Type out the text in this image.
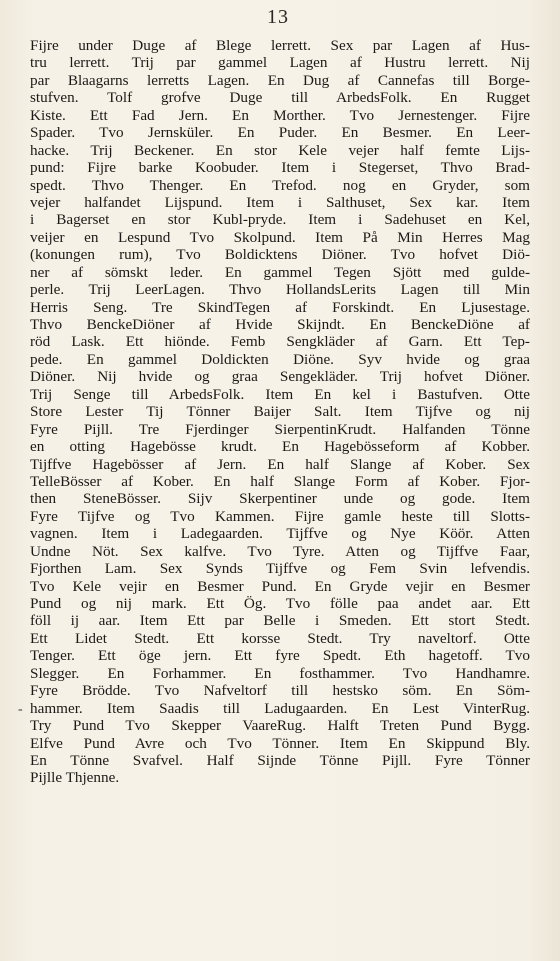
13
-
Fijre under Duge af Blege lerrett. Sex par Lagen af Hus-
tru lerrett. Trij par gammel Lagen af Hustru lerrett. Nij
par Blaagarns lerretts Lagen. En Dug af Cannefas till Borge-
stufven. Tolf grofve Duge till ArbedsFolk. En Rugget
Kiste. Ett Fad Jern. En Morther. Tvo Jernestenger. Fijre
Spader. Tvo Jernsküler. En Puder. En Besmer. En Leer-
hacke. Trij Beckener. En stor Kele vejer half femte Lijs-
pund: Fijre barke Koobuder. Item i Stegerset, Thvo Brad-
spedt. Thvo Thenger. En Trefod. nog en Gryder, som
vejer halfandet Lijspund. Item i Salthuset, Sex kar. Item
i Bagerset en stor Kubl-pryde. Item i Sadehuset en Kel,
veijer en Lespund Tvo Skolpund. Item På Min Herres Mag
(konungen rum), Tvo Boldicktens Diöner. Tvo hofvet Diö-
ner af sömskt leder. En gammel Tegen Sjött med gulde-
perle. Trij LeerLagen. Thvo HollandsLerits Lagen till Min
Herris Seng. Tre SkindTegen af Forskindt. En Ljusestage.
Thvo BenckeDiöner af Hvide Skijndt. En BenckeDiöne af
röd Lask. Ett hiönde. Femb Sengkläder af Garn. Ett Tep-
pede. En gammel Doldickten Diöne. Syv hvide og graa
Diöner. Nij hvide og graa Sengekläder. Trij hofvet Diöner.
Trij Senge till ArbedsFolk. Item En kel i Bastufven. Otte
Store Lester Tij Tönner Baijer Salt. Item Tijfve og nij
Fyre Pijll. Tre Fjerdinger SierpentinKrudt. Halfanden Tönne
en otting Hagebösse krudt. En Hagebösseform af Kobber.
Tijffve Hagebösser af Jern. En half Slange af Kober. Sex
TelleBösser af Kober. En half Slange Form af Kober. Fjor-
then SteneBösser. Sijv Skerpentiner unde og gode. Item
Fyre Tijfve og Tvo Kammen. Fijre gamle heste till Slotts-
vagnen. Item i Ladegaarden. Tijffve og Nye Köör. Atten
Undne Nöt. Sex kalfve. Tvo Tyre. Atten og Tijffve Faar,
Fjorthen Lam. Sex Synds Tijffve og Fem Svin lefvendis.
Tvo Kele vejir en Besmer Pund. En Gryde vejir en Besmer
Pund og nij mark. Ett Ög. Tvo fölle paa andet aar. Ett
föll ij aar. Item Ett par Belle i Smeden. Ett stort Stedt.
Ett Lidet Stedt. Ett korsse Stedt. Try naveltorf. Otte
Tenger. Ett öge jern. Ett fyre Spedt. Eth hagetoff. Tvo
Slegger. En Forhammer. En fosthammer. Tvo Handhamre.
Fyre Brödde. Tvo Nafveltorf till hestsko söm. En Söm-
hammer. Item Saadis till Ladugaarden. En Lest VinterRug.
Try Pund Tvo Skepper VaareRug. Halft Treten Pund Bygg.
Elfve Pund Avre och Tvo Tönner. Item En Skippund Bly.
En Tönne Svafvel. Half Sijnde Tönne Pijll. Fyre Tönner
Pijlle Thjenne.
